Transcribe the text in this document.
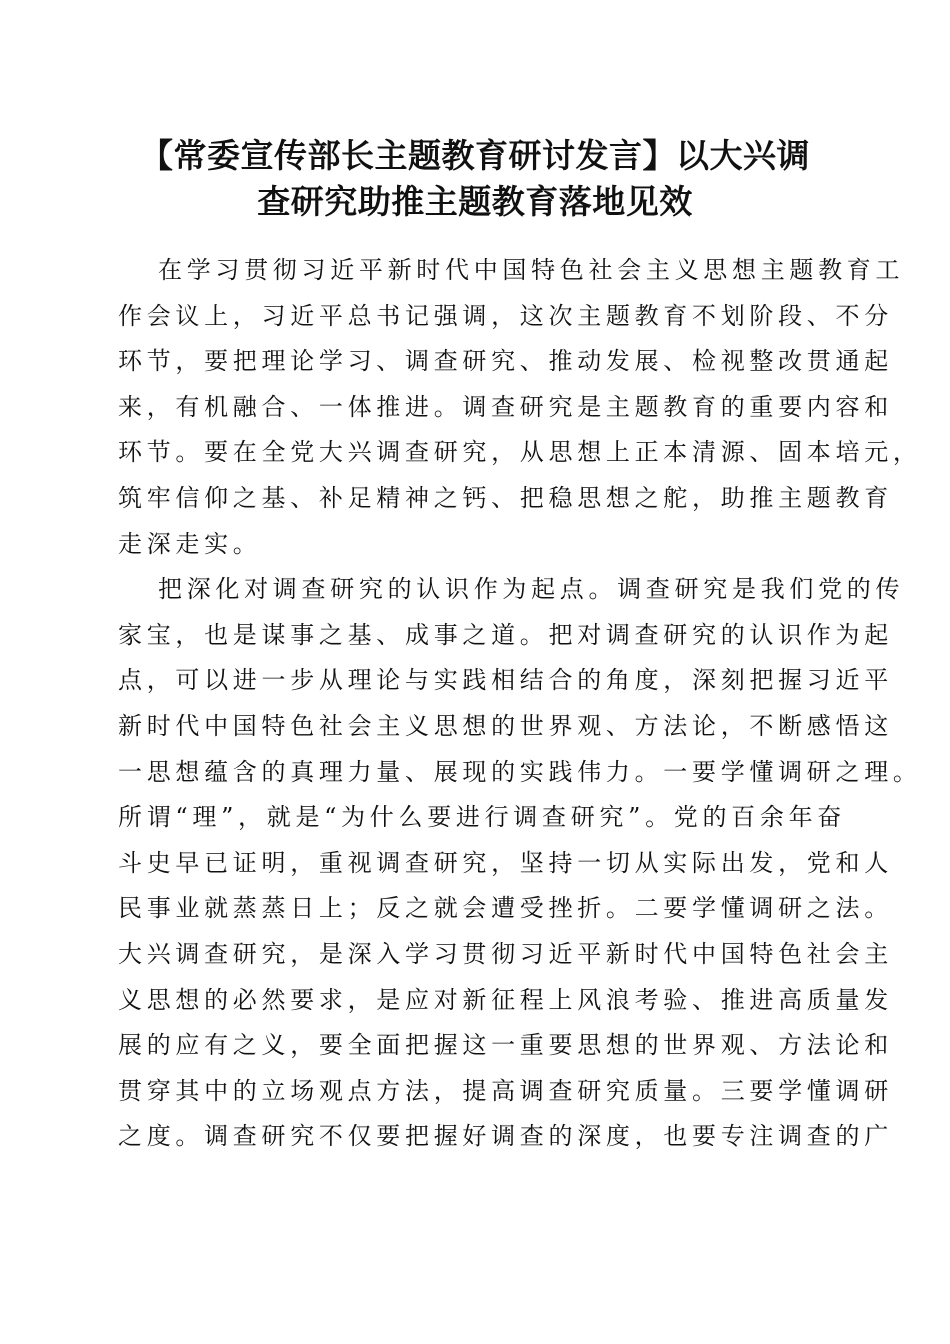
【常委宣传部长主题教育研讨发言】以大兴调
查研究助推主题教育落地见效
在学习贯彻习近平新时代中国特色社会主义思想主题教育工
作会议上，习近平总书记强调，这次主题教育不划阶段、不分
环节，要把理论学习、调查研究、推动发展、检视整改贯通起
来，有机融合、一体推进。调查研究是主题教育的重要内容和
环节。要在全党大兴调查研究，从思想上正本清源、固本培元，
筑牢信仰之基、补足精神之钙、把稳思想之舵，助推主题教育
走深走实。
把深化对调查研究的认识作为起点。调查研究是我们党的传
家宝，也是谋事之基、成事之道。把对调查研究的认识作为起
点，可以进一步从理论与实践相结合的角度，深刻把握习近平
新时代中国特色社会主义思想的世界观、方法论，不断感悟这
一思想蕴含的真理力量、展现的实践伟力。一要学懂调研之理。
所谓“理”，就是“为什么要进行调查研究”。党的百余年奋
斗史早已证明，重视调查研究，坚持一切从实际出发，党和人
民事业就蒸蒸日上；反之就会遭受挫折。二要学懂调研之法。
大兴调查研究，是深入学习贯彻习近平新时代中国特色社会主
义思想的必然要求，是应对新征程上风浪考验、推进高质量发
展的应有之义，要全面把握这一重要思想的世界观、方法论和
贯穿其中的立场观点方法，提高调查研究质量。三要学懂调研
之度。调查研究不仅要把握好调查的深度，也要专注调查的广
